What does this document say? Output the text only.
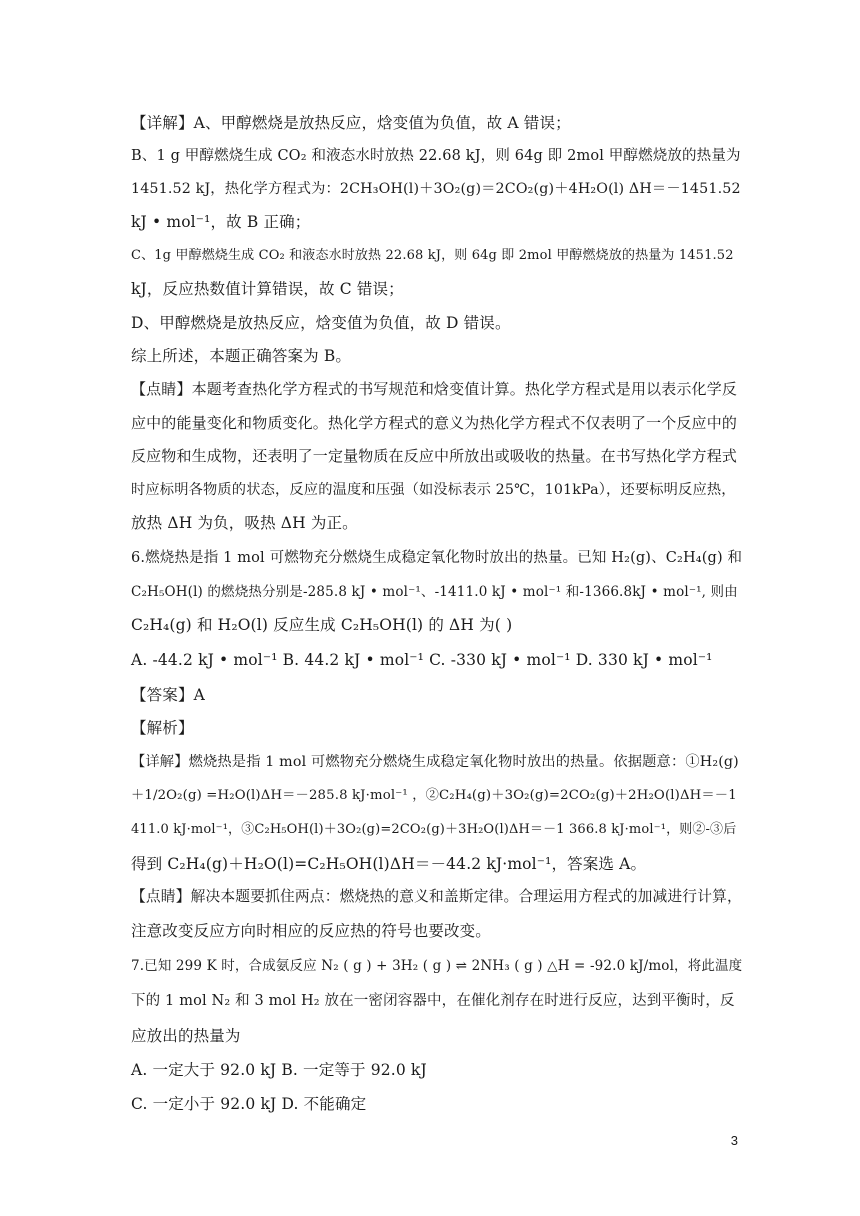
【详解】A、甲醇燃烧是放热反应，焓变值为负值，故 A 错误；
B、1 g 甲醇燃烧生成 CO₂ 和液态水时放热 22.68 kJ，则 64g 即 2mol 甲醇燃烧放的热量为
1451.52 kJ，热化学方程式为：2CH₃OH(l)＋3O₂(g)＝2CO₂(g)＋4H₂O(l) ΔH＝－1451.52
kJ • mol⁻¹，故 B 正确；
C、1g 甲醇燃烧生成 CO₂ 和液态水时放热 22.68 kJ，则 64g 即 2mol 甲醇燃烧放的热量为 1451.52
kJ，反应热数值计算错误，故 C 错误；
D、甲醇燃烧是放热反应，焓变值为负值，故 D 错误。
综上所述，本题正确答案为 B。
【点睛】本题考查热化学方程式的书写规范和焓变值计算。热化学方程式是用以表示化学反
应中的能量变化和物质变化。热化学方程式的意义为热化学方程式不仅表明了一个反应中的
反应物和生成物，还表明了一定量物质在反应中所放出或吸收的热量。在书写热化学方程式
时应标明各物质的状态，反应的温度和压强（如没标表示 25℃，101kPa），还要标明反应热，
放热 ΔH 为负，吸热 ΔH 为正。
6.燃烧热是指 1 mol 可燃物充分燃烧生成稳定氧化物时放出的热量。已知 H₂(g)、C₂H₄(g) 和
C₂H₅OH(l) 的燃烧热分别是-285.8 kJ • mol⁻¹、-1411.0 kJ • mol⁻¹ 和-1366.8kJ • mol⁻¹, 则由
C₂H₄(g) 和 H₂O(l) 反应生成 C₂H₅OH(l) 的 ΔH 为( )
A. -44.2 kJ • mol⁻¹ B. 44.2 kJ • mol⁻¹ C. -330 kJ • mol⁻¹ D. 330 kJ • mol⁻¹
【答案】A
【解析】
【详解】燃烧热是指 1 mol 可燃物充分燃烧生成稳定氧化物时放出的热量。依据题意：①H₂(g)
＋1/2O₂(g) =H₂O(l)ΔH＝－285.8 kJ·mol⁻¹ ，②C₂H₄(g)＋3O₂(g)=2CO₂(g)＋2H₂O(l)ΔH＝－1
411.0 kJ·mol⁻¹，③C₂H₅OH(l)＋3O₂(g)=2CO₂(g)＋3H₂O(l)ΔH＝－1 366.8 kJ·mol⁻¹，则②-③后
得到 C₂H₄(g)＋H₂O(l)=C₂H₅OH(l)ΔH＝－44.2 kJ·mol⁻¹，答案选 A。
【点睛】解决本题要抓住两点：燃烧热的意义和盖斯定律。合理运用方程式的加减进行计算，
注意改变反应方向时相应的反应热的符号也要改变。
7.已知 299 K 时，合成氨反应 N₂ ( g ) + 3H₂ ( g ) ⇌ 2NH₃ ( g ) △H = -92.0 kJ/mol，将此温度
下的 1 mol N₂ 和 3 mol H₂ 放在一密闭容器中，在催化剂存在时进行反应，达到平衡时，反
应放出的热量为
A. 一定大于 92.0 kJ B. 一定等于 92.0 kJ
C. 一定小于 92.0 kJ D. 不能确定
3
